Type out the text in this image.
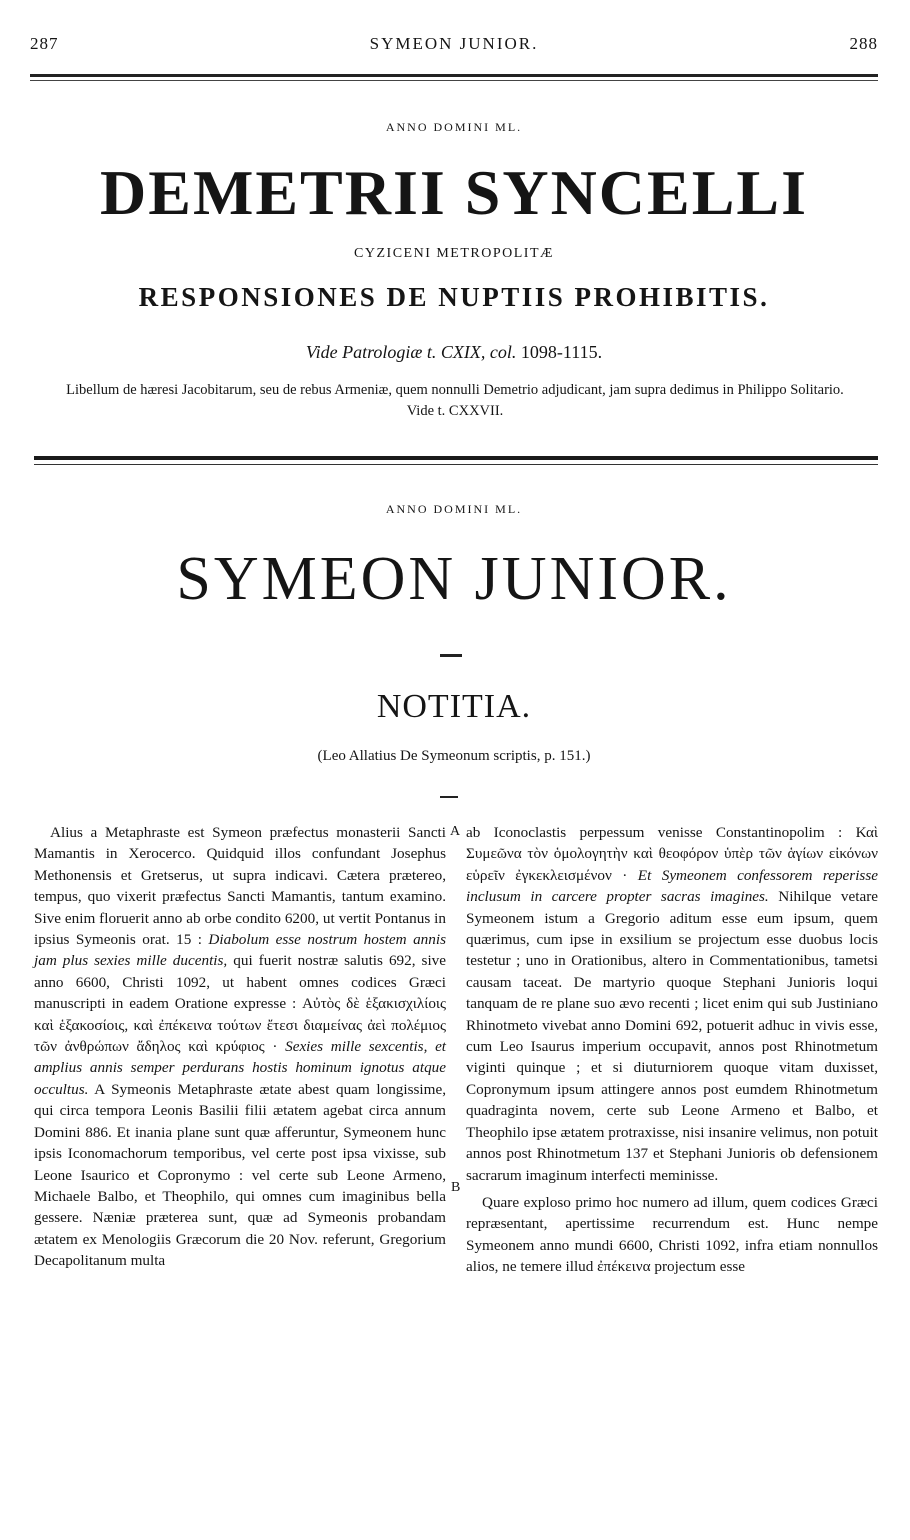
287	SYMEON JUNIOR.	288
ANNO DOMINI ML.
DEMETRII SYNCELLI
CYZICENI METROPOLITÆ
RESPONSIONES DE NUPTIIS PROHIBITIS.
Vide Patrologiæ t. CXIX, col. 1098-1115.
Libellum de hæresi Jacobitarum, seu de rebus Armeniæ, quem nonnulli Demetrio adjudicant, jam supra dedimus in Philippo Solitario. Vide t. CXXVII.
ANNO DOMINI ML.
SYMEON JUNIOR.
NOTITIA.
(Leo Allatius De Symeonum scriptis, p. 151.)
A
B

Alius a Metaphraste est Symeon præfectus monasterii Sancti Mamantis in Xerocerco. Quidquid illos confundant Josephus Methonensis et Gretserus, ut supra indicavi. Cætera prætereo, tempus, quo vixerit præfectus Sancti Mamantis, tantum examino. Sive enim floruerit anno ab orbe condito 6200, ut vertit Pontanus in ipsius Symeonis orat. 15 : Diabolum esse nostrum hostem annis jam plus sexies mille ducentis, qui fuerit nostræ salutis 692, sive anno 6600, Christi 1092, ut habent omnes codices Græci manuscripti in eadem Oratione expresse : Αὐτὸς δὲ ἑξακισχιλίοις καὶ ἑξακοσίοις, καὶ ἐπέκεινα τούτων ἔτεσι διαμείνας ἀεὶ πολέμιος τῶν ἀνθρώπων ἄδηλος καὶ κρύφιος · Sexies mille sexcentis, et amplius annis semper perdurans hostis hominum ignotus atque occultus. A Symeonis Metaphraste ætate abest quam longissime, qui circa tempora Leonis Basilii filii ætatem agebat circa annum Domini 886. Et inania plane sunt quæ afferuntur, Symeonem hunc ipsis Iconomachorum temporibus, vel certe post ipsa vixisse, sub Leone Isaurico et Copronymo : vel certe sub Leone Armeno, Michaele Balbo, et Theophilo, qui omnes cum imaginibus bella gessere. Næniæ præterea sunt, quæ ad Symeonis probandam ætatem ex Menologiis Græcorum die 20 Nov. referunt, Gregorium Decapolitanum multa

ab Iconoclastis perpessum venisse Constantinopolim : Καὶ Συμεῶνα τὸν ὁμολογητὴν καὶ θεοφόρον ὑπὲρ τῶν ἁγίων εἰκόνων εὑρεῖν ἐγκεκλεισμένον · Et Symeonem confessorem reperisse inclusum in carcere propter sacras imagines. Nihilque vetare Symeonem istum a Gregorio aditum esse eum ipsum, quem quærimus, cum ipse in exsilium se projectum esse duobus locis testetur ; uno in Orationibus, altero in Commentationibus, tametsi causam taceat. De martyrio quoque Stephani Junioris loqui tanquam de re plane suo ævo recenti ; licet enim qui sub Justiniano Rhinotmeto vivebat anno Domini 692, potuerit adhuc in vivis esse, cum Leo Isaurus imperium occupavit, annos post Rhinotmetum viginti quinque ; et si diuturniorem quoque vitam duxisset, Copronymum ipsum attingere annos post eumdem Rhinotmetum quadraginta novem, certe sub Leone Armeno et Balbo, et Theophilo ipse ætatem protraxisse, nisi insanire velimus, non potuit annos post Rhinotmetum 137 et Stephani Junioris ob defensionem sacrarum imaginum interfecti meminisse.

Quare exploso primo hoc numero ad illum, quem codices Græci repræsentant, apertissime recurrendum est. Hunc nempe Symeonem anno mundi 6600, Christi 1092, infra etiam nonnullos alios, ne temere illud ἐπέκεινα projectum esse
